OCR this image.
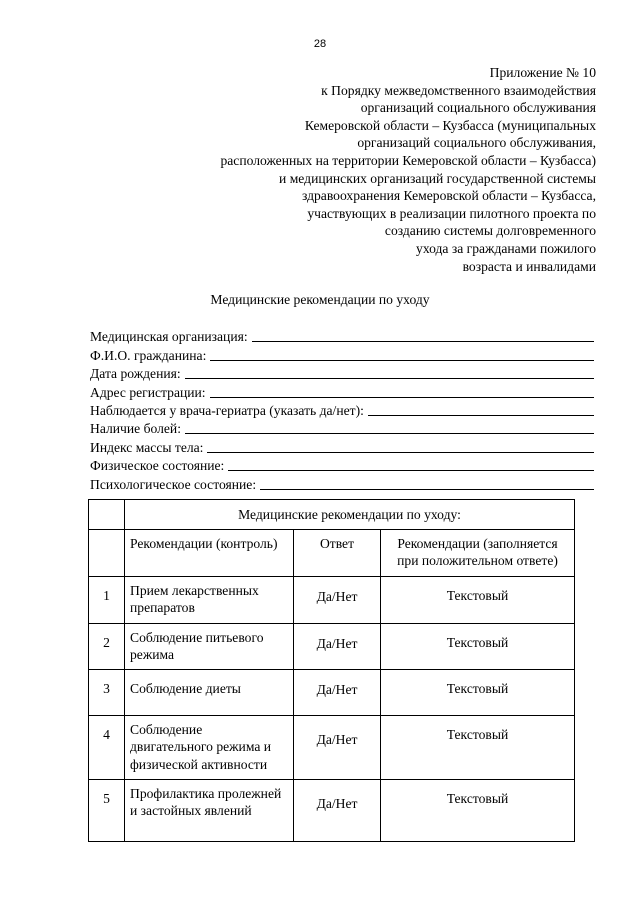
28
Приложение № 10
к Порядку межведомственного взаимодействия
организаций социального обслуживания
Кемеровской области – Кузбасса (муниципальных
организаций социального обслуживания,
расположенных на территории Кемеровской области – Кузбасса)
и медицинских организаций государственной системы
здравоохранения Кемеровской области – Кузбасса,
участвующих в реализации пилотного проекта по
созданию системы долговременного
ухода за гражданами пожилого
возраста и инвалидами
Медицинские рекомендации по уходу
Медицинская организация:
Ф.И.О. гражданина:
Дата рождения:
Адрес регистрации:
Наблюдается у врача-гериатра (указать да/нет):
Наличие болей:
Индекс массы тела:
Физическое состояние:
Психологическое состояние:
	Медицинские рекомендации по уходу:		
	Рекомендации (контроль)	Ответ	Рекомендации (заполняется при положительном ответе)
1	Прием лекарственных препаратов	Да/Нет	Текстовый
2	Соблюдение питьевого режима	Да/Нет	Текстовый
3	Соблюдение диеты	Да/Нет	Текстовый
4	Соблюдение двигательного режима и физической активности	Да/Нет	Текстовый
5	Профилактика пролежней и застойных явлений	Да/Нет	Текстовый
